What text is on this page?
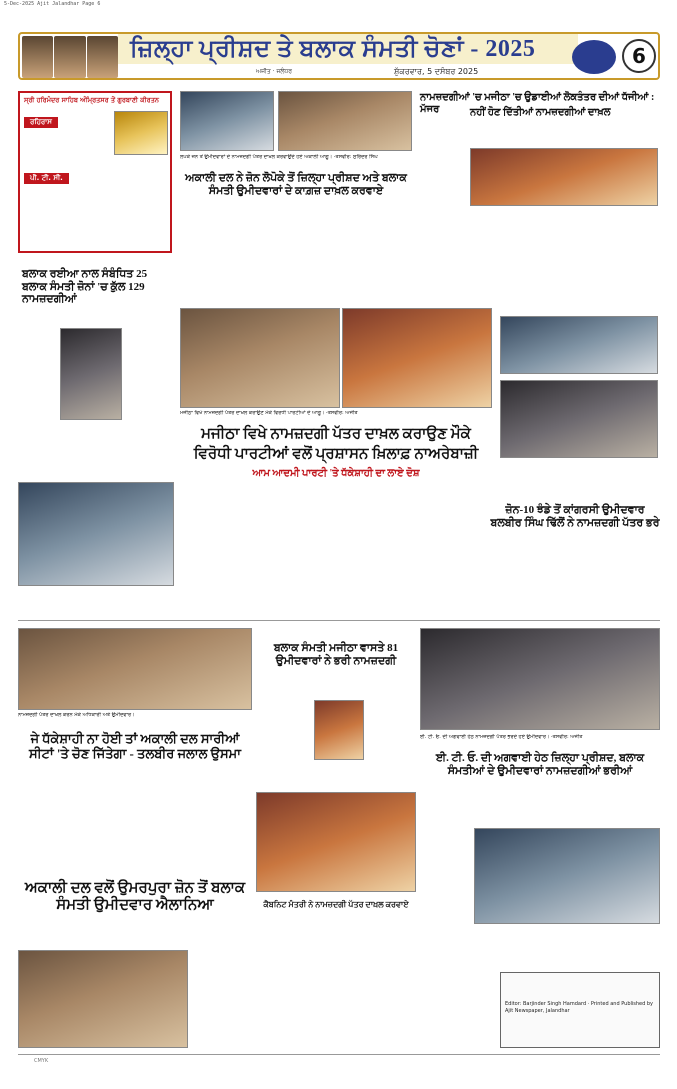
5-Dec-2025 Ajit Jalandhar Page 6
ਜ਼ਿਲ੍ਹਾ ਪ੍ਰੀਸ਼ਦ ਤੇ ਬਲਾਕ ਸੰਮਤੀ ਚੋਣਾਂ - 2025
ਅਜੀਤ · ਜਲੰਧਰ	ਸ਼ੁੱਕਰਵਾਰ, 5 ਦਸੰਬਰ 2025
6
ਸ੍ਰੀ ਹਰਿਮੰਦਰ ਸਾਹਿਬ ਅੰਮ੍ਰਿਤਸਰ ਤੋਂ ਗੁਰਬਾਣੀ ਕੀਰਤਨ
ਰਹਿਰਾਸ
ਪੀ. ਟੀ. ਸੀ.
ਬਲਾਕ ਰਈਆ ਨਾਲ ਸੰਬੰਧਿਤ 25 ਬਲਾਕ ਸੰਮਤੀ ਜ਼ੋਨਾਂ 'ਚ ਕੁੱਲ 129 ਨਾਮਜ਼ਦਗੀਆਂ
ਲੋਪੋਕੇ ਜ਼ੋਨ ਤੋਂ ਉਮੀਦਵਾਰਾਂ ਦੇ ਨਾਮਜ਼ਦਗੀ ਪੱਤਰ ਦਾਖ਼ਲ ਕਰਵਾਉਂਦੇ ਹੋਏ ਅਕਾਲੀ ਆਗੂ। -ਤਸਵੀਰ: ਸੁਰਿੰਦਰ ਸਿੰਘ
ਅਕਾਲੀ ਦਲ ਨੇ ਜ਼ੋਨ ਲੋਪੋਕੇ ਤੋਂ ਜ਼ਿਲ੍ਹਾ ਪ੍ਰੀਸ਼ਦ ਅਤੇ ਬਲਾਕ ਸੰਮਤੀ ਉਮੀਦਵਾਰਾਂ ਦੇ ਕਾਗ਼ਜ਼ ਦਾਖ਼ਲ ਕਰਵਾਏ
ਨਾਮਜ਼ਦਗੀਆਂ 'ਚ ਮਜੀਠਾ 'ਚ ਉਡਾਈਆਂ ਲੋਕਤੰਤਰ ਦੀਆਂ ਧੱਜੀਆਂ : ਮੱਜਰ	ਨਹੀਂ ਹੋਣ ਦਿੱਤੀਆਂ ਨਾਮਜ਼ਦਗੀਆਂ ਦਾਖ਼ਲ
ਮਜੀਠਾ ਵਿਖੇ ਨਾਮਜ਼ਦਗੀ ਪੱਤਰ ਦਾਖ਼ਲ ਕਰਾਉਣ ਮੌਕੇ ਵਿਰੋਧੀ ਪਾਰਟੀਆਂ ਦੇ ਆਗੂ। -ਤਸਵੀਰ: ਅਜੀਤ
ਮਜੀਠਾ ਵਿਖੇ ਨਾਮਜ਼ਦਗੀ ਪੱਤਰ ਦਾਖ਼ਲ ਕਰਾਉਣ ਮੌਕੇ
ਵਿਰੋਧੀ ਪਾਰਟੀਆਂ ਵਲੋਂ ਪ੍ਰਸ਼ਾਸਨ ਖ਼ਿਲਾਫ਼ ਨਾਅਰੇਬਾਜ਼ੀ
ਆਮ ਆਦਮੀ ਪਾਰਟੀ 'ਤੇ ਧੱਕੇਸ਼ਾਹੀ ਦਾ ਲਾਏ ਦੋਸ਼
ਜ਼ੋਨ-10 ਝੰਡੇ ਤੋਂ ਕਾਂਗਰਸੀ ਉਮੀਦਵਾਰ ਬਲਬੀਰ ਸਿੰਘ ਢਿੱਲੋਂ ਨੇ ਨਾਮਜ਼ਦਗੀ ਪੱਤਰ ਭਰੇ
ਨਾਮਜ਼ਦਗੀ ਪੱਤਰ ਦਾਖ਼ਲ ਕਰਨ ਮੌਕੇ ਅਧਿਕਾਰੀ ਅਤੇ ਉਮੀਦਵਾਰ।
ਬਲਾਕ ਸੰਮਤੀ ਮਜੀਠਾ ਵਾਸਤੇ 81 ਉਮੀਦਵਾਰਾਂ ਨੇ ਭਰੀ ਨਾਮਜ਼ਦਗੀ
ਈ. ਟੀ. ਓ. ਦੀ ਅਗਵਾਈ ਹੇਠ ਨਾਮਜ਼ਦਗੀ ਪੱਤਰ ਭਰਦੇ ਹੋਏ ਉਮੀਦਵਾਰ। -ਤਸਵੀਰ: ਅਜੀਤ
ਈ. ਟੀ. ਓ. ਦੀ ਅਗਵਾਈ ਹੇਠ ਜ਼ਿਲ੍ਹਾ ਪ੍ਰੀਸ਼ਦ, ਬਲਾਕ ਸੰਮਤੀਆਂ ਦੇ ਉਮੀਦਵਾਰਾਂ ਨਾਮਜ਼ਦਗੀਆਂ ਭਰੀਆਂ
ਜੇ ਧੱਕੇਸ਼ਾਹੀ ਨਾ ਹੋਈ ਤਾਂ ਅਕਾਲੀ ਦਲ ਸਾਰੀਆਂ ਸੀਟਾਂ 'ਤੇ ਚੋਣ ਜਿੱਤੇਗਾ - ਤਲਬੀਰ ਜਲਾਲ ਉਸਮਾ
ਅਕਾਲੀ ਦਲ ਵਲੋਂ ਉਮਰਪੁਰਾ ਜ਼ੋਨ ਤੋਂ ਬਲਾਕ ਸੰਮਤੀ ਉਮੀਦਵਾਰ ਐਲਾਨਿਆ	ਕੈਬਨਿਟ ਮੰਤਰੀ ਨੇ ਨਾਮਜ਼ਦਗੀ ਪੱਤਰ ਦਾਖ਼ਲ ਕਰਵਾਏ
Editor: Barjinder Singh Hamdard · Printed and Published by Ajit Newspaper, Jalandhar
CMYK
